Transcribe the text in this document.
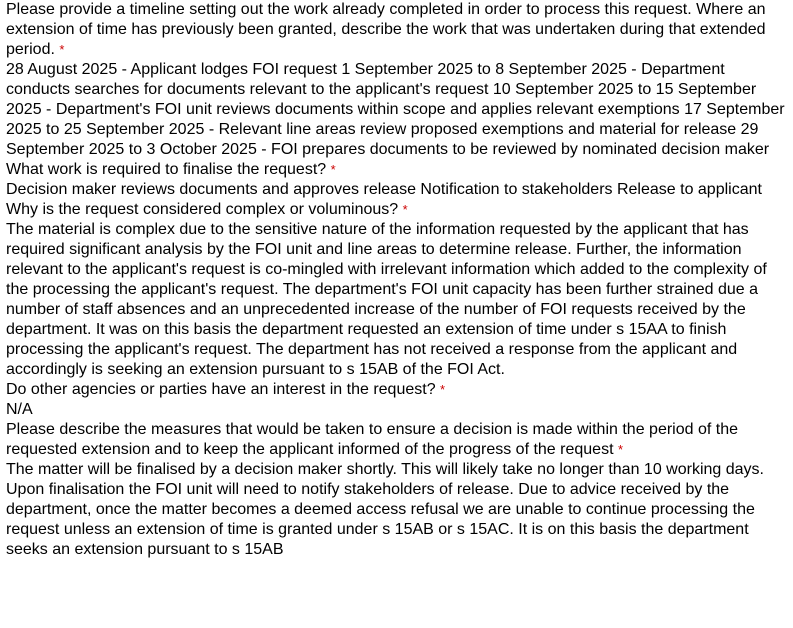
Please provide a timeline setting out the work already completed in order to process this request. Where an extension of time has previously been granted, describe the work that was undertaken during that extended period. *

28 August 2025 - Applicant lodges FOI request 1 September 2025 to 8 September 2025 - Department conducts searches for documents relevant to the applicant's request 10 September 2025 to 15 September 2025 - Department's FOI unit reviews documents within scope and applies relevant exemptions 17 September 2025 to 25 September 2025 - Relevant line areas review proposed exemptions and material for release 29 September 2025 to 3 October 2025 - FOI prepares documents to be reviewed by nominated decision maker

What work is required to finalise the request? *

Decision maker reviews documents and approves release Notification to stakeholders Release to applicant

Why is the request considered complex or voluminous? *

The material is complex due to the sensitive nature of the information requested by the applicant that has required significant analysis by the FOI unit and line areas to determine release. Further, the information relevant to the applicant's request is co-mingled with irrelevant information which added to the complexity of the processing the applicant's request. The department's FOI unit capacity has been further strained due a number of staff absences and an unprecedented increase of the number of FOI requests received by the department. It was on this basis the department requested an extension of time under s 15AA to finish processing the applicant's request. The department has not received a response from the applicant and accordingly is seeking an extension pursuant to s 15AB of the FOI Act.

Do other agencies or parties have an interest in the request? *

N/A

Please describe the measures that would be taken to ensure a decision is made within the period of the requested extension and to keep the applicant informed of the progress of the request *

The matter will be finalised by a decision maker shortly. This will likely take no longer than 10 working days. Upon finalisation the FOI unit will need to notify stakeholders of release. Due to advice received by the department, once the matter becomes a deemed access refusal we are unable to continue processing the request unless an extension of time is granted under s 15AB or s 15AC. It is on this basis the department seeks an extension pursuant to s 15AB
